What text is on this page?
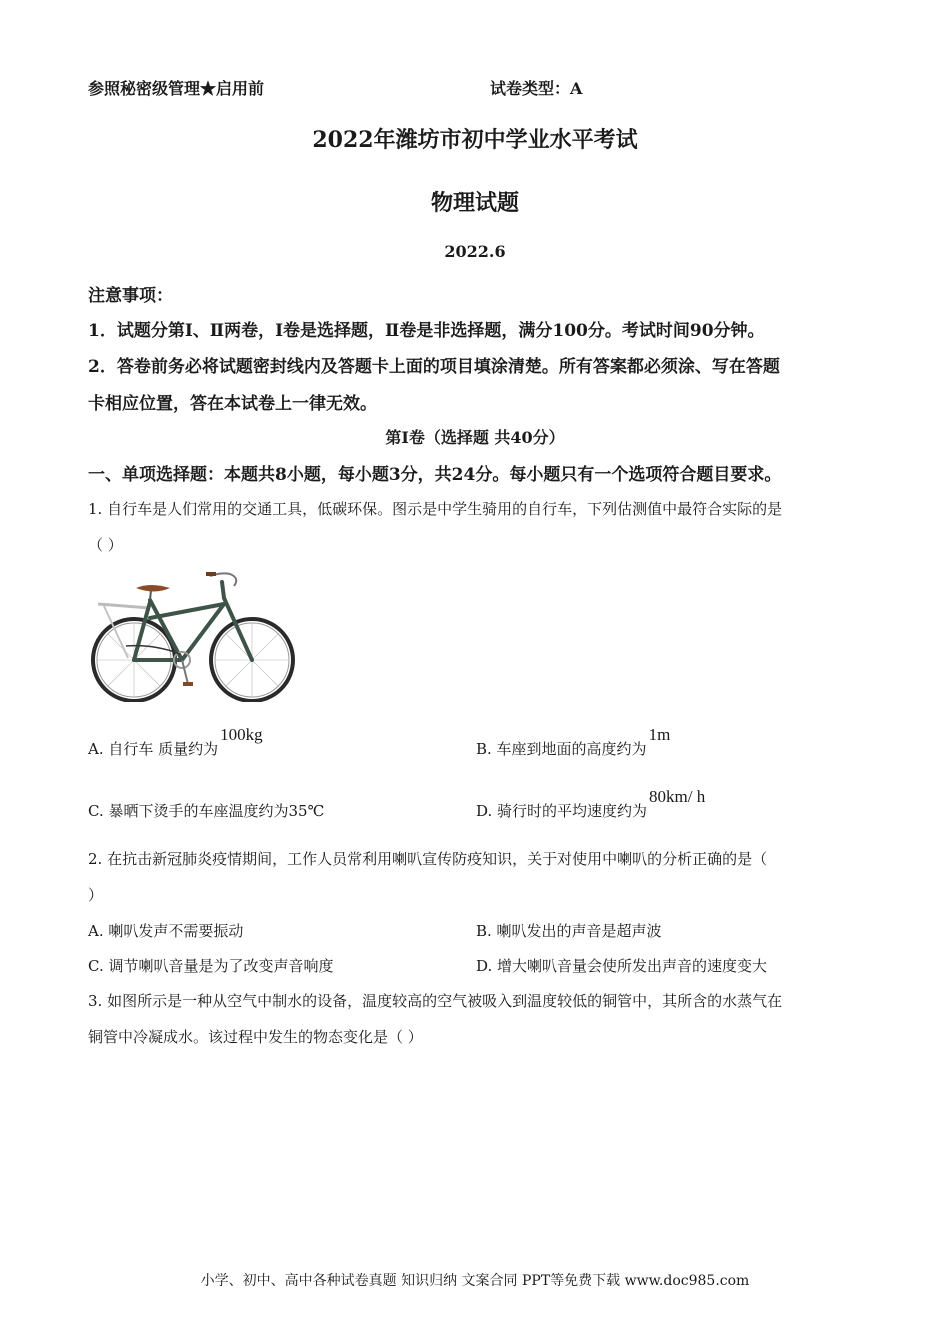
参照秘密级管理★启用前	试卷类型：A
2022年潍坊市初中学业水平考试
物理试题
2022.6
注意事项：
1．试题分第Ⅰ、Ⅱ两卷，Ⅰ卷是选择题，Ⅱ卷是非选择题，满分100分。考试时间90分钟。
2．答卷前务必将试题密封线内及答题卡上面的项目填涂清楚。所有答案都必须涂、写在答题
卡相应位置，答在本试卷上一律无效。
第Ⅰ卷（选择题 共40分）
一、单项选择题：本题共8小题，每小题3分，共24分。每小题只有一个选项符合题目要求。
1. 自行车是人们常用的交通工具，低碳环保。图示是中学生骑用的自行车，下列估测值中最符合实际的是
（ ）
A. 自行车 质量约为100kg
B. 车座到地面的高度约为1m
C. 暴晒下烫手的车座温度约为35℃	D. 骑行时的平均速度约为80km/ h
2. 在抗击新冠肺炎疫情期间，工作人员常利用喇叭宣传防疫知识，关于对使用中喇叭的分析正确的是（
）
A. 喇叭发声不需要振动	B. 喇叭发出的声音是超声波
C. 调节喇叭音量是为了改变声音响度	D. 增大喇叭音量会使所发出声音的速度变大
3. 如图所示是一种从空气中制水的设备，温度较高的空气被吸入到温度较低的铜管中，其所含的水蒸气在
铜管中冷凝成水。该过程中发生的物态变化是（ ）
小学、初中、高中各种试卷真题 知识归纳 文案合同 PPT等免费下载 www.doc985.com
